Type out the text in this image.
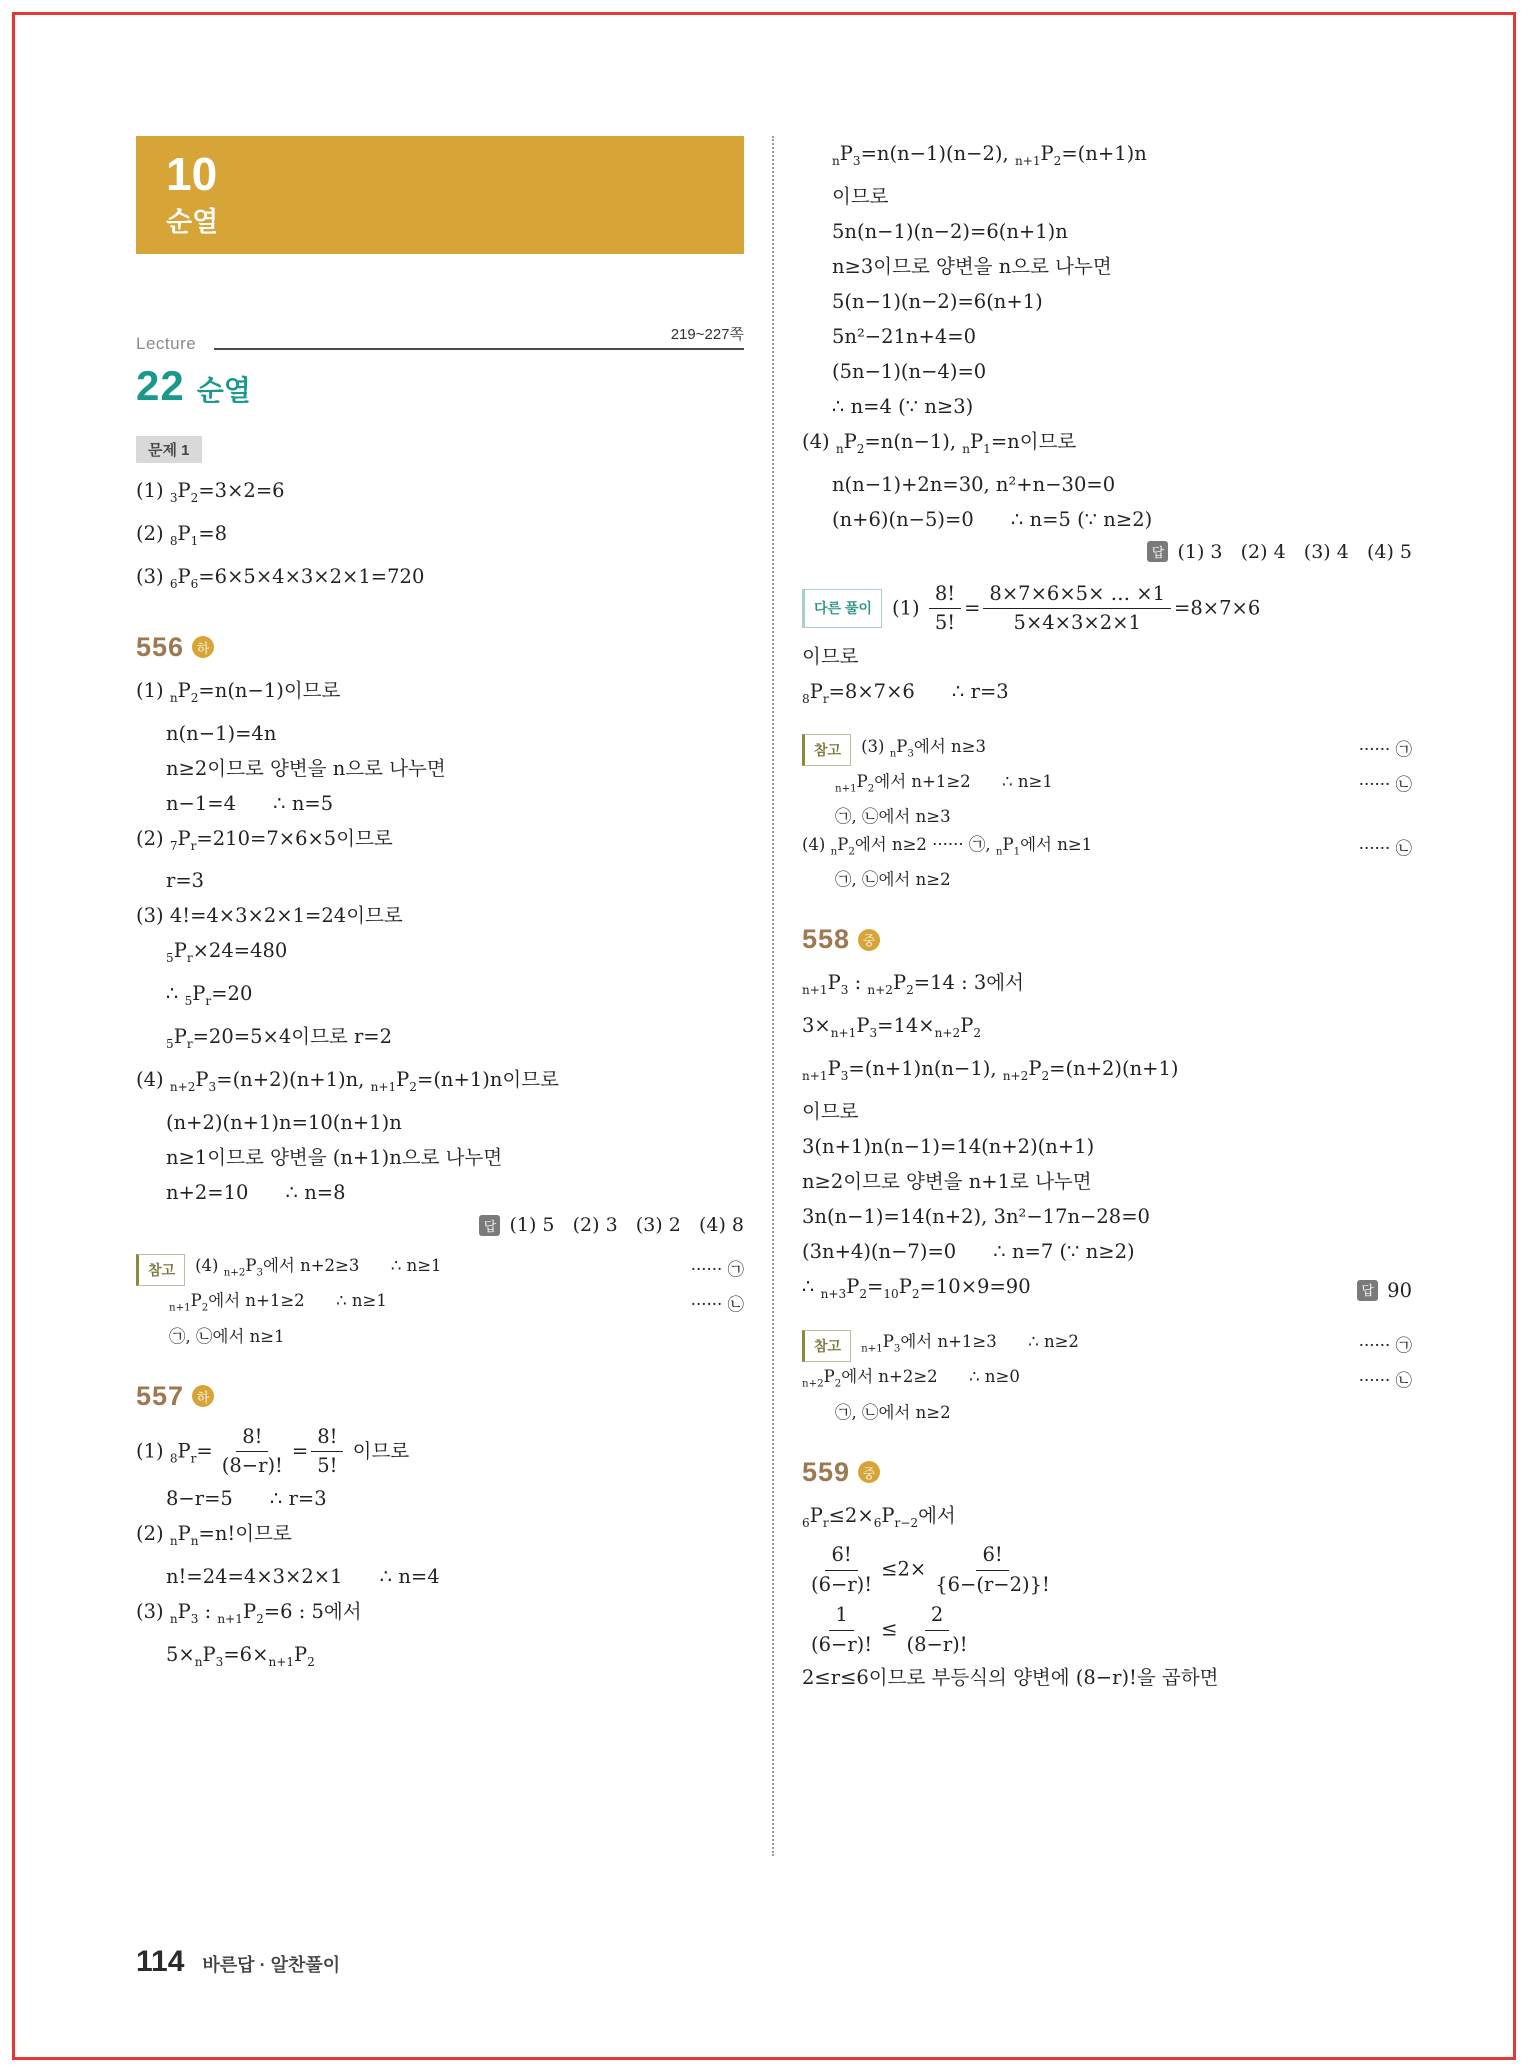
10
순열
Lecture	219~227쪽
22 순열
문제 1
(1) $_3P_2=3\times 2=6$
(2) $_8P_1=8$
(3) $_6P_6=6\times 5\times 4\times 3\times 2\times 1=720$
556 하
(1) $_nP_2=n(n-1)$이므로
n(n−1)=4n
n≥2이므로 양변을 n으로 나누면
n−1=4      ∴ n=5
(2) $_7P_r=210=7\times 6\times 5$이므로
r=3
(3) 4!=4×3×2×1=24이므로
$_5P_r\times 24=480$
∴ $_5P_r=20$
$_5P_r=20=5\times 4$이므로 r=2
(4) $_{n+2}P_3=(n+2)(n+1)n$, $_{n+1}P_2=(n+1)n$이므로
(n+2)(n+1)n=10(n+1)n
n≥1이므로 양변을 (n+1)n으로 나누면
n+2=10      ∴ n=8
답 (1) 5   (2) 3   (3) 2   (4) 8
참고	(4) $_{n+2}P_3$에서 n+2≥3      ∴ n≥1	······ ㉠
$_{n+1}P_2$에서 n+1≥2      ∴ n≥1	······ ㉡
㉠, ㉡에서 n≥1
557 하
(1) $_8P_r= \frac{8!}{(8-r)!} = \frac{8!}{5!}$ 이므로
8−r=5      ∴ r=3
(2) $_nP_n=n$!이므로
n!=24=4×3×2×1      ∴ n=4
(3) $_nP_3$ : $_{n+1}P_2=6$ : 5에서
$5\times_nP_3=6\times_{n+1}P_2$
$_nP_3=n(n-1)(n-2)$, $_{n+1}P_2=(n+1)n$
이므로
5n(n−1)(n−2)=6(n+1)n
n≥3이므로 양변을 n으로 나누면
5(n−1)(n−2)=6(n+1)
5n²−21n+4=0
(5n−1)(n−4)=0
∴ n=4 (∵ n≥3)
(4) $_nP_2=n(n-1)$, $_nP_1=n$이므로
n(n−1)+2n=30, n²+n−30=0
(n+6)(n−5)=0      ∴ n=5 (∵ n≥2)
답 (1) 3   (2) 4   (3) 4   (4) 5
다른 풀이	$(1) \frac{8!}{5!} = \frac{8\times 7\times 6\times 5\times \dots \times 1}{5\times 4\times 3\times 2\times 1} =8\times 7\times 6$
이므로
$_8P_r=8\times 7\times 6$      ∴ r=3
참고	(3) $_nP_3$에서 n≥3	······ ㉠
$_{n+1}P_2$에서 n+1≥2      ∴ n≥1	······ ㉡
㉠, ㉡에서 n≥3
(4) $_nP_2$에서 n≥2 ······ ㉠, $_nP_1$에서 n≥1	······ ㉡
㉠, ㉡에서 n≥2
558 중
$_{n+1}P_3$ : $_{n+2}P_2=14$ : 3에서
$3\times_{n+1}P_3=14\times_{n+2}P_2$
$_{n+1}P_3=(n+1)n(n-1)$, $_{n+2}P_2=(n+2)(n+1)$
이므로
3(n+1)n(n−1)=14(n+2)(n+1)
n≥2이므로 양변을 n+1로 나누면
3n(n−1)=14(n+2), 3n²−17n−28=0
(3n+4)(n−7)=0      ∴ n=7 (∵ n≥2)
∴ $_{n+3}P_2=_{10}P_2=10\times 9=90$	답 90
참고	$_{n+1}P_3$에서 n+1≥3      ∴ n≥2	······ ㉠
$_{n+2}P_2$에서 n+2≥2      ∴ n≥0	······ ㉡
㉠, ㉡에서 n≥2
559 중
$_6P_r\le 2\times_6P_{r-2}$에서
$\frac{6!}{(6-r)!} \le 2\times \frac{6!}{\{6-(r-2)\}!}$
$\frac{1}{(6-r)!} \le \frac{2}{(8-r)!}$
2≤r≤6이므로 부등식의 양변에 (8−r)!을 곱하면
114 바른답 · 알찬풀이
